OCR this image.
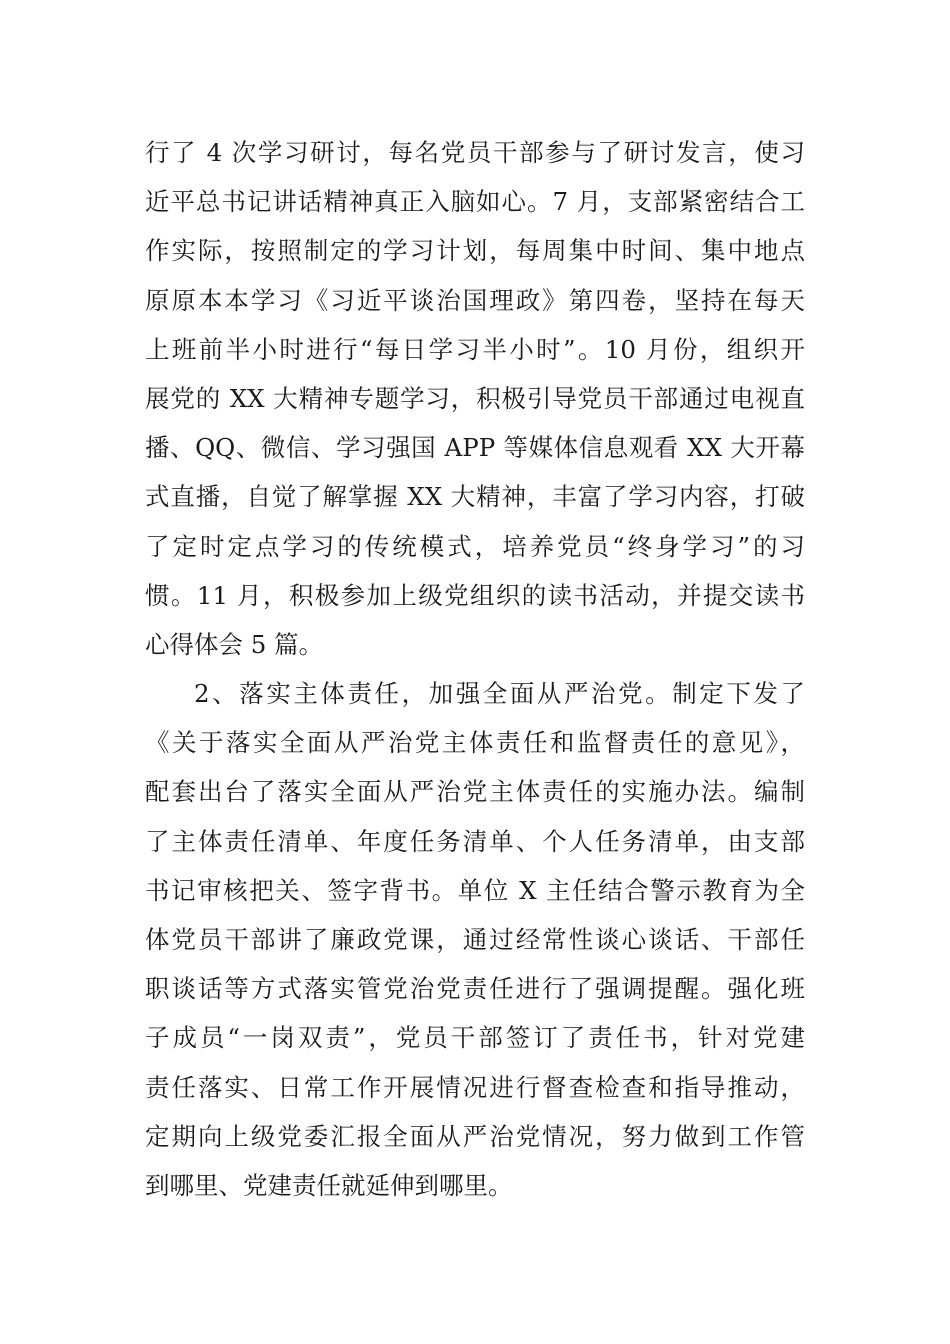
行了 4 次学习研讨，每名党员干部参与了研讨发言，使习
近平总书记讲话精神真正入脑如心。7 月，支部紧密结合工
作实际，按照制定的学习计划，每周集中时间、集中地点
原原本本学习《习近平谈治国理政》第四卷，坚持在每天
上班前半小时进行“每日学习半小时”。10 月份，组织开
展党的 XX 大精神专题学习，积极引导党员干部通过电视直
播、QQ、微信、学习强国 APP 等媒体信息观看 XX 大开幕
式直播，自觉了解掌握 XX 大精神，丰富了学习内容，打破
了定时定点学习的传统模式，培养党员“终身学习”的习
惯。11 月，积极参加上级党组织的读书活动，并提交读书
心得体会 5 篇。
2、落实主体责任，加强全面从严治党。制定下发了
《关于落实全面从严治党主体责任和监督责任的意见》，
配套出台了落实全面从严治党主体责任的实施办法。编制
了主体责任清单、年度任务清单、个人任务清单，由支部
书记审核把关、签字背书。单位 X 主任结合警示教育为全
体党员干部讲了廉政党课，通过经常性谈心谈话、干部任
职谈话等方式落实管党治党责任进行了强调提醒。强化班
子成员“一岗双责”，党员干部签订了责任书，针对党建
责任落实、日常工作开展情况进行督查检查和指导推动，
定期向上级党委汇报全面从严治党情况，努力做到工作管
到哪里、党建责任就延伸到哪里。
